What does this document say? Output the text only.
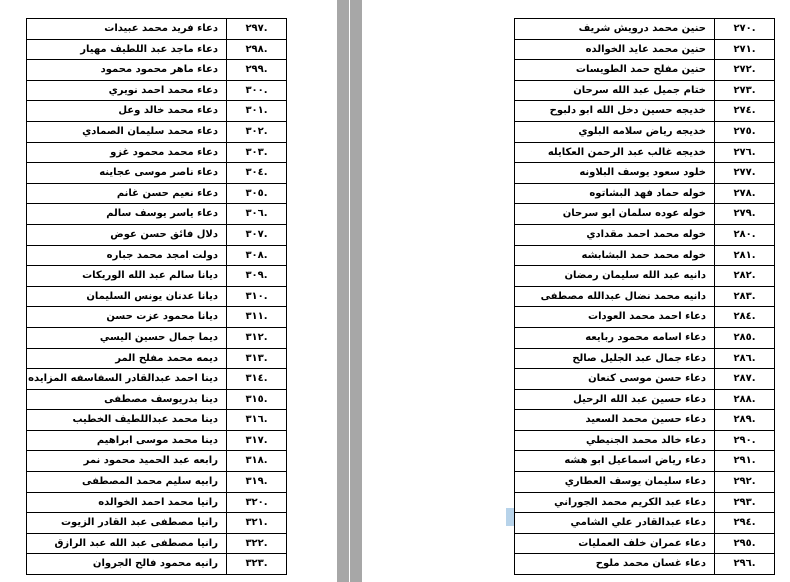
دعاء فريد محمد عبيدات	٢٩٧.
دعاء ماجد عبد اللطيف مهيار	٢٩٨.
دعاء ماهر محمود محمود	٢٩٩.
دعاء محمد احمد نويري	٣٠٠.
دعاء محمد خالد وعل	٣٠١.
دعاء محمد سليمان الصمادي	٣٠٢.
دعاء محمد محمود غزو	٣٠٣.
دعاء ناصر موسى عجاينه	٣٠٤.
دعاء نعيم حسن غانم	٣٠٥.
دعاء ياسر يوسف سالم	٣٠٦.
دلال فائق حسن عوض	٣٠٧.
دولت امجد محمد جباره	٣٠٨.
ديانا سالم عبد الله الوريكات	٣٠٩.
ديانا عدنان يونس السليمان	٣١٠.
ديانا محمود عزت حسن	٣١١.
ديما جمال حسين اليسي	٣١٢.
ديمه محمد مفلح المر	٣١٣.
دينا احمد عبدالقادر السفاسفه المزايده	٣١٤.
دينا بدريوسف مصطفى	٣١٥.
دينا محمد عبداللطيف الخطيب	٣١٦.
دينا محمد موسى ابراهيم	٣١٧.
رابعه عبد الحميد محمود نمر	٣١٨.
رابيه سليم محمد المصطفى	٣١٩.
رانيا محمد احمد الخوالده	٣٢٠.
رانيا مصطفى عبد القادر الزيوت	٣٢١.
رانيا مصطفى عبد الله عبد الرازق	٣٢٢.
رانيه محمود فالح الجروان	٣٢٣.
حنين محمد درويش شريف	٢٧٠.
حنين محمد عايد الخوالده	٢٧١.
حنين مفلح حمد الطويسات	٢٧٢.
ختام جميل عبد الله سرحان	٢٧٣.
خديجه حسين دخل الله ابو دلبوح	٢٧٤.
خديجه رياض سلامه البلوي	٢٧٥.
خديجه غالب عبد الرحمن العكايله	٢٧٦.
خلود سعود يوسف البلاونه	٢٧٧.
خوله حماد فهد البشاتوه	٢٧٨.
خوله عوده سلمان ابو سرحان	٢٧٩.
خوله محمد احمد مقدادي	٢٨٠.
خوله محمد حمد البشابشه	٢٨١.
دانيه عبد الله سليمان رمضان	٢٨٢.
دانيه محمد نضال عبدالله مصطفى	٢٨٣.
دعاء احمد محمد العودات	٢٨٤.
دعاء اسامه محمود ربايعه	٢٨٥.
دعاء جمال عبد الجليل صالح	٢٨٦.
دعاء حسن موسى كنعان	٢٨٧.
دعاء حسين عبد الله الرحيل	٢٨٨.
دعاء حسين محمد السعيد	٢٨٩.
دعاء خالد محمد الجنيطي	٢٩٠.
دعاء رياض اسماعيل ابو هشه	٢٩١.
دعاء سليمان يوسف العطاري	٢٩٢.
دعاء عبد الكريم محمد الجوراني	٢٩٣.
دعاء عبدالقادر علي الشامي	٢٩٤.
دعاء عمران خلف العمليات	٢٩٥.
دعاء غسان محمد ملوح	٢٩٦.
